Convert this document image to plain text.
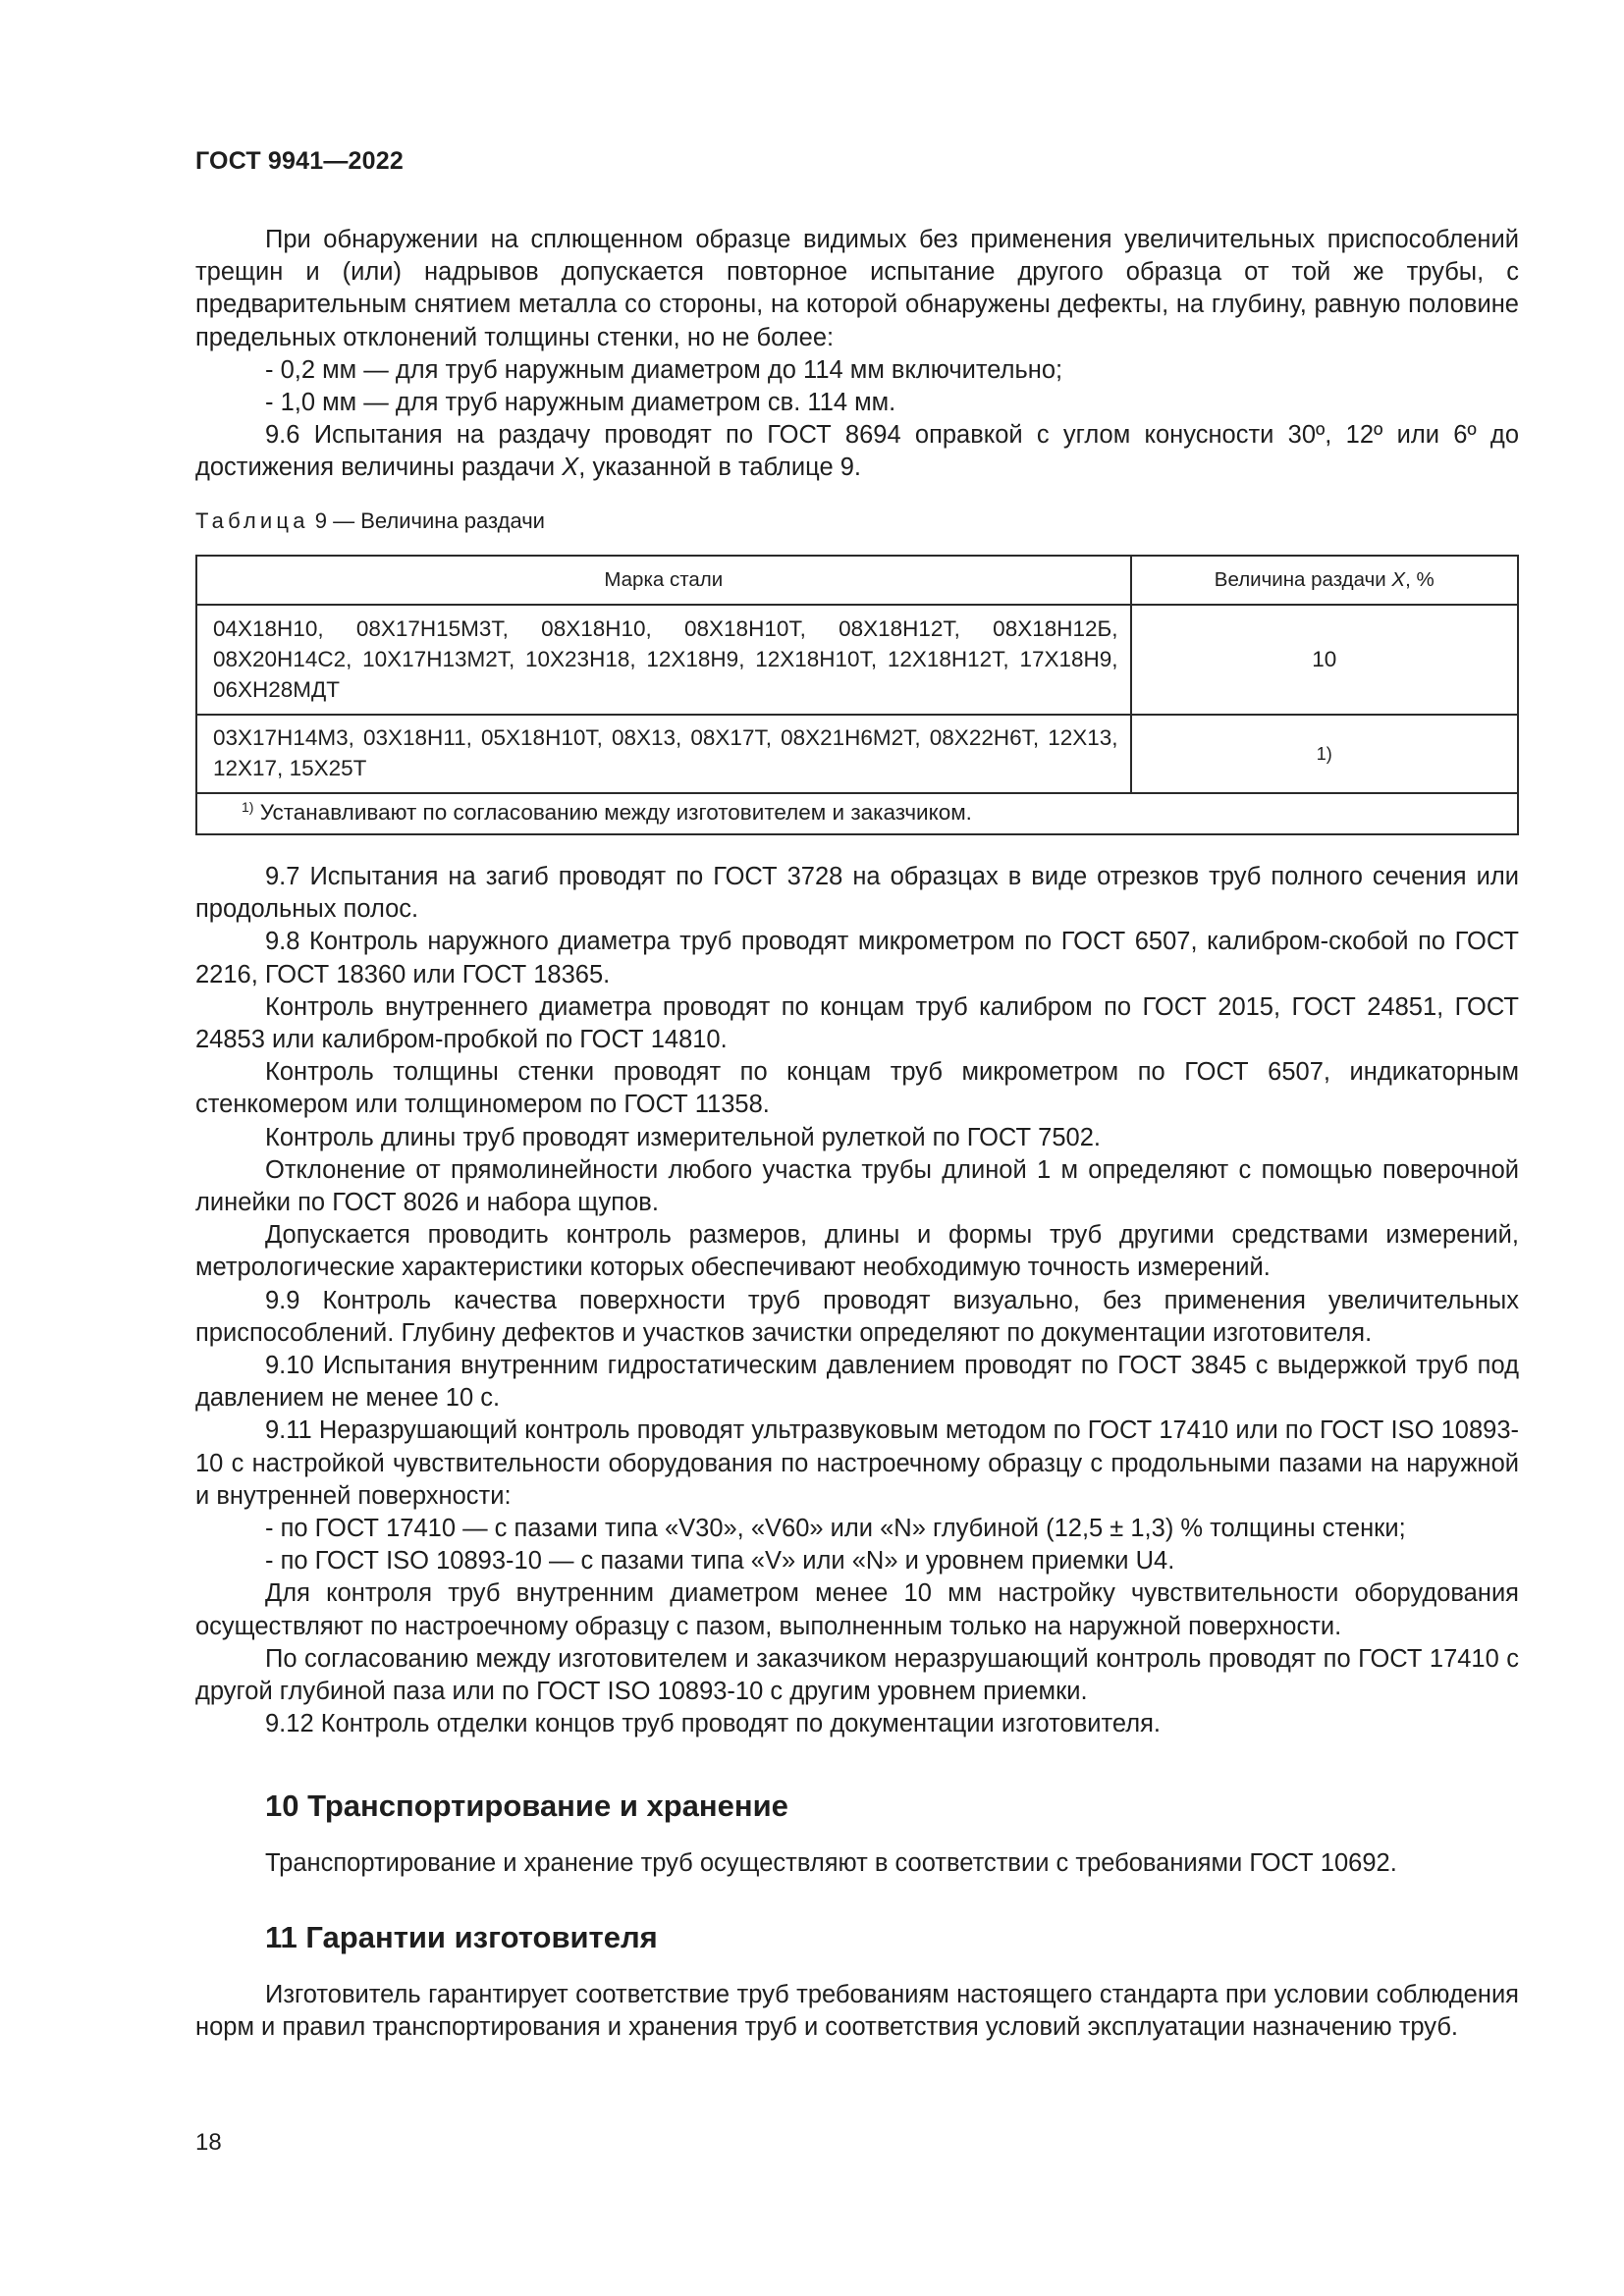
ГОСТ 9941—2022

При обнаружении на сплющенном образце видимых без применения увеличительных приспособлений трещин и (или) надрывов допускается повторное испытание другого образца от той же трубы, с предварительным снятием металла со стороны, на которой обнаружены дефекты, на глубину, равную половине предельных отклонений толщины стенки, но не более:

- 0,2 мм — для труб наружным диаметром до 114 мм включительно;

- 1,0 мм — для труб наружным диаметром св. 114 мм.

9.6 Испытания на раздачу проводят по ГОСТ 8694 оправкой с углом конусности 30º, 12º или 6º до достижения величины раздачи X, указанной в таблице 9.

Таблица 9 — Величина раздачи
Марка стали	Величина раздачи X, %
04Х18Н10, 08Х17Н15М3Т, 08Х18Н10, 08Х18Н10Т, 08Х18Н12Т, 08Х18Н12Б, 08Х20Н14С2, 10Х17Н13М2Т, 10Х23Н18, 12Х18Н9, 12Х18Н10Т, 12Х18Н12Т, 17Х18Н9, 06ХН28МДТ	10
03Х17Н14М3, 03Х18Н11, 05Х18Н10Т, 08Х13, 08Х17Т, 08Х21Н6М2Т, 08Х22Н6Т, 12Х13, 12Х17, 15Х25Т	1)
$^{1)}$ Устанавливают по согласованию между изготовителем и заказчиком.	

9.7 Испытания на загиб проводят по ГОСТ 3728 на образцах в виде отрезков труб полного сечения или продольных полос.

9.8 Контроль наружного диаметра труб проводят микрометром по ГОСТ 6507, калибром-скобой по ГОСТ 2216, ГОСТ 18360 или ГОСТ 18365.

Контроль внутреннего диаметра проводят по концам труб калибром по ГОСТ 2015, ГОСТ 24851, ГОСТ 24853 или калибром-пробкой по ГОСТ 14810.

Контроль толщины стенки проводят по концам труб микрометром по ГОСТ 6507, индикаторным стенкомером или толщиномером по ГОСТ 11358.

Контроль длины труб проводят измерительной рулеткой по ГОСТ 7502.

Отклонение от прямолинейности любого участка трубы длиной 1 м определяют с помощью поверочной линейки по ГОСТ 8026 и набора щупов.

Допускается проводить контроль размеров, длины и формы труб другими средствами измерений, метрологические характеристики которых обеспечивают необходимую точность измерений.

9.9 Контроль качества поверхности труб проводят визуально, без применения увеличительных приспособлений. Глубину дефектов и участков зачистки определяют по документации изготовителя.

9.10 Испытания внутренним гидростатическим давлением проводят по ГОСТ 3845 с выдержкой труб под давлением не менее 10 с.

9.11 Неразрушающий контроль проводят ультразвуковым методом по ГОСТ 17410 или по ГОСТ ISO 10893-10 с настройкой чувствительности оборудования по настроечному образцу с продольными пазами на наружной и внутренней поверхности:

- по ГОСТ 17410 — с пазами типа «V30», «V60» или «N» глубиной (12,5 ± 1,3) % толщины стенки;

- по ГОСТ ISO 10893-10 — с пазами типа «V» или «N» и уровнем приемки U4.

Для контроля труб внутренним диаметром менее 10 мм настройку чувствительности оборудования осуществляют по настроечному образцу с пазом, выполненным только на наружной поверхности.

По согласованию между изготовителем и заказчиком неразрушающий контроль проводят по ГОСТ 17410 с другой глубиной паза или по ГОСТ ISO 10893-10 с другим уровнем приемки.

9.12 Контроль отделки концов труб проводят по документации изготовителя.

10 Транспортирование и хранение

Транспортирование и хранение труб осуществляют в соответствии с требованиями ГОСТ 10692.

11 Гарантии изготовителя

Изготовитель гарантирует соответствие труб требованиям настоящего стандарта при условии соблюдения норм и правил транспортирования и хранения труб и соответствия условий эксплуатации назначению труб.

18
